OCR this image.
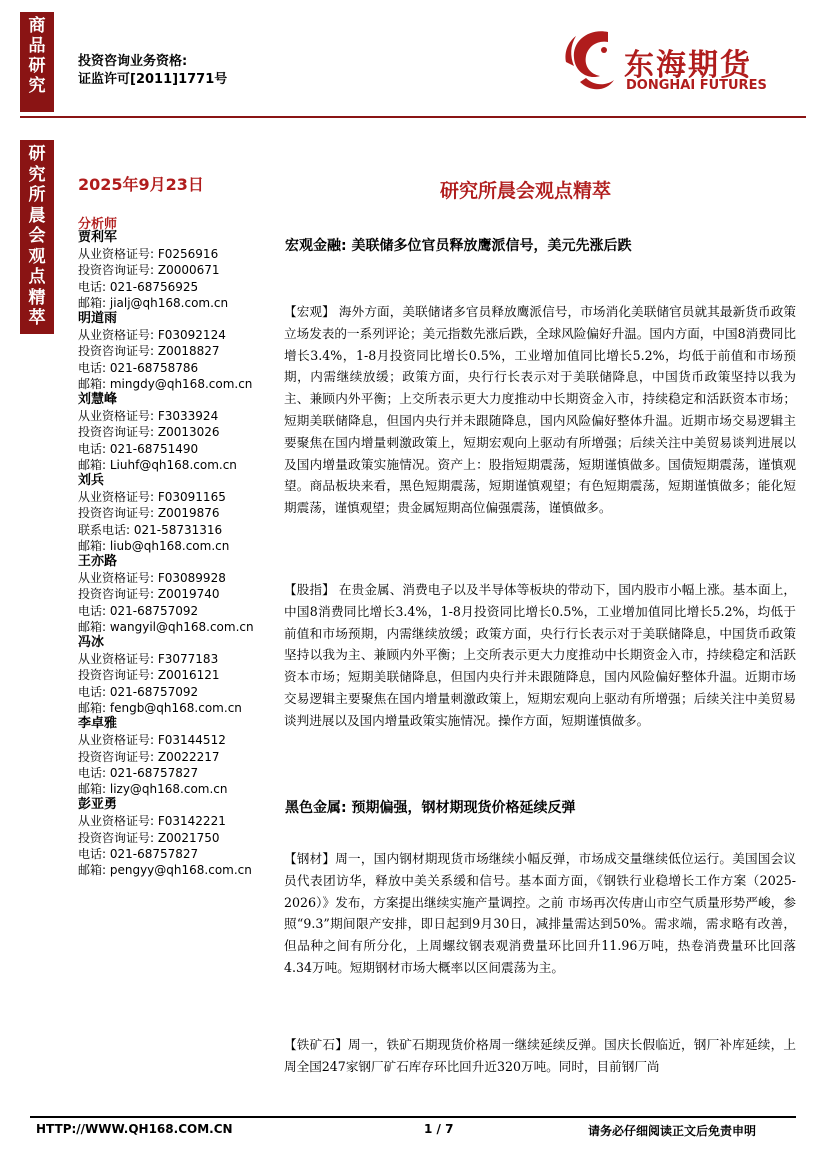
商
品
研
究
投资咨询业务资格:
证监许可[2011]1771号	东海期货
DONGHAI FUTURES
研
究
所
晨
会
观
点
精
萃
2025年9月23日	研究所晨会观点精萃
分析师
贾利军
从业资格证号: F0256916
投资咨询证号: Z0000671
电话: 021-68756925
邮箱: jialj@qh168.com.cn
明道雨
从业资格证号: F03092124
投资咨询证号: Z0018827
电话: 021-68758786
邮箱: mingdy@qh168.com.cn
刘慧峰
从业资格证号: F3033924
投资咨询证号: Z0013026
电话: 021-68751490
邮箱: Liuhf@qh168.com.cn
刘兵
从业资格证号: F03091165
投资咨询证号: Z0019876
联系电话: 021-58731316
邮箱: liub@qh168.com.cn
王亦路
从业资格证号: F03089928
投资咨询证号: Z0019740
电话: 021-68757092
邮箱: wangyil@qh168.com.cn
冯冰
从业资格证号: F3077183
投资咨询证号: Z0016121
电话: 021-68757092
邮箱: fengb@qh168.com.cn
李卓雅
从业资格证号: F03144512
投资咨询证号: Z0022217
电话: 021-68757827
邮箱: lizy@qh168.com.cn
彭亚勇
从业资格证号: F03142221
投资咨询证号: Z0021750
电话: 021-68757827
邮箱: pengyy@qh168.com.cn
宏观金融: 美联储多位官员释放鹰派信号，美元先涨后跌
【宏观】 海外方面，美联储诸多官员释放鹰派信号，市场消化美联储官员就其最新货币政策立场发表的一系列评论；美元指数先涨后跌，全球风险偏好升温。国内方面，中国8消费同比增长3.4%，1-8月投资同比增长0.5%，工业增加值同比增长5.2%，均低于前值和市场预期，内需继续放缓；政策方面，央行行长表示对于美联储降息，中国货币政策坚持以我为主、兼顾内外平衡；上交所表示更大力度推动中长期资金入市，持续稳定和活跃资本市场；短期美联储降息，但国内央行并未跟随降息，国内风险偏好整体升温。近期市场交易逻辑主要聚焦在国内增量刺激政策上，短期宏观向上驱动有所增强；后续关注中美贸易谈判进展以及国内增量政策实施情况。资产上：股指短期震荡，短期谨慎做多。国债短期震荡，谨慎观望。商品板块来看，黑色短期震荡，短期谨慎观望；有色短期震荡，短期谨慎做多；能化短期震荡，谨慎观望；贵金属短期高位偏强震荡，谨慎做多。
【股指】 在贵金属、消费电子以及半导体等板块的带动下，国内股市小幅上涨。基本面上，中国8消费同比增长3.4%，1-8月投资同比增长0.5%，工业增加值同比增长5.2%，均低于前值和市场预期，内需继续放缓；政策方面，央行行长表示对于美联储降息，中国货币政策坚持以我为主、兼顾内外平衡；上交所表示更大力度推动中长期资金入市，持续稳定和活跃资本市场；短期美联储降息，但国内央行并未跟随降息，国内风险偏好整体升温。近期市场交易逻辑主要聚焦在国内增量刺激政策上，短期宏观向上驱动有所增强；后续关注中美贸易谈判进展以及国内增量政策实施情况。操作方面，短期谨慎做多。
黑色金属: 预期偏强，钢材期现货价格延续反弹
【钢材】周一，国内钢材期现货市场继续小幅反弹，市场成交量继续低位运行。美国国会议员代表团访华，释放中美关系缓和信号。基本面方面，《钢铁行业稳增长工作方案（2025-2026）》发布，方案提出继续实施产量调控。之前 市场再次传唐山市空气质量形势严峻，参照“9.3”期间限产安排，即日起到9月30日，减排量需达到50%。需求端，需求略有改善，但品种之间有所分化，上周螺纹钢表观消费量环比回升11.96万吨，热卷消费量环比回落4.34万吨。短期钢材市场大概率以区间震荡为主。
【铁矿石】周一，铁矿石期现货价格周一继续延续反弹。国庆长假临近，钢厂补库延续，上周全国247家钢厂矿石库存环比回升近320万吨。同时，目前钢厂尚
HTTP://WWW.QH168.COM.CN	1 / 7	请务必仔细阅读正文后免责申明
